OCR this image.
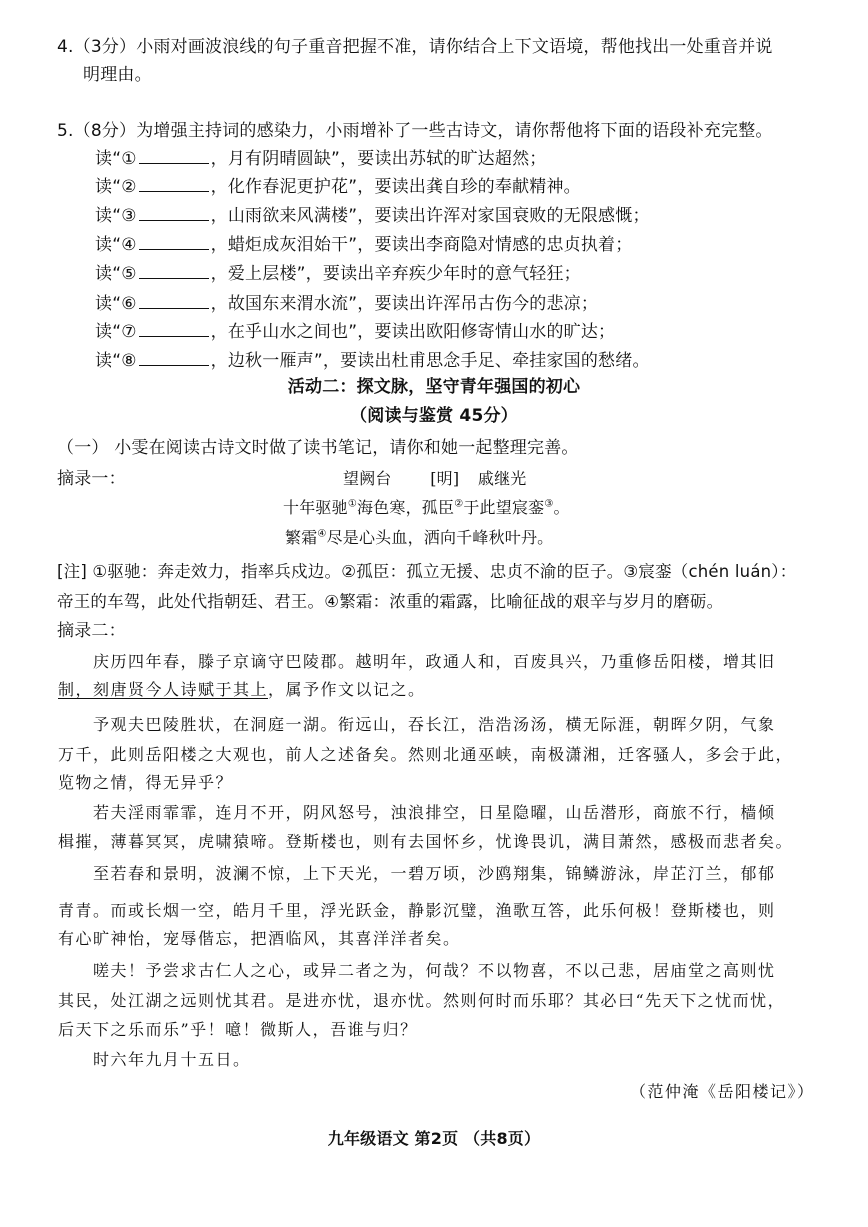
4.（3分）小雨对画波浪线的句子重音把握不准，请你结合上下文语境，帮他找出一处重音并说
明理由。
5.（8分）为增强主持词的感染力，小雨增补了一些古诗文，请你帮他将下面的语段补充完整。
读“①	，月有阴晴圆缺”，要读出苏轼的旷达超然；
读“②	，化作春泥更护花”，要读出龚自珍的奉献精神。
读“③	，山雨欲来风满楼”，要读出许浑对家国衰败的无限感慨；
读“④	，蜡炬成灰泪始干”，要读出李商隐对情感的忠贞执着；
读“⑤	，爱上层楼”，要读出辛弃疾少年时的意气轻狂；
读“⑥	，故国东来渭水流”，要读出许浑吊古伤今的悲凉；
读“⑦	，在乎山水之间也”，要读出欧阳修寄情山水的旷达；
读“⑧	，边秋一雁声”，要读出杜甫思念手足、牵挂家国的愁绪。
活动二：探文脉，坚守青年强国的初心
（阅读与鉴赏 45分）
（一） 小雯在阅读古诗文时做了读书笔记，请你和她一起整理完善。
摘录一：	望阙台 [明] 戚继光
十年驱驰①海色寒，孤臣②于此望宸銮③。
繁霜④尽是心头血，洒向千峰秋叶丹。
[注] ①驱驰：奔走效力，指率兵戍边。②孤臣：孤立无援、忠贞不渝的臣子。③宸銮（chén luán）：
帝王的车驾，此处代指朝廷、君王。④繁霜：浓重的霜露，比喻征战的艰辛与岁月的磨砺。
摘录二：
庆历四年春，滕子京谪守巴陵郡。越明年，政通人和，百废具兴，乃重修岳阳楼，增其旧
制，刻唐贤今人诗赋于其上，属予作文以记之。
予观夫巴陵胜状，在洞庭一湖。衔远山，吞长江，浩浩汤汤，横无际涯，朝晖夕阴，气象
万千，此则岳阳楼之大观也，前人之述备矣。然则北通巫峡，南极潇湘，迁客骚人，多会于此，
览物之情，得无异乎？
若夫淫雨霏霏，连月不开，阴风怒号，浊浪排空，日星隐曜，山岳潜形，商旅不行，樯倾
楫摧，薄暮冥冥，虎啸猿啼。登斯楼也，则有去国怀乡，忧谗畏讥，满目萧然，感极而悲者矣。
至若春和景明，波澜不惊，上下天光，一碧万顷，沙鸥翔集，锦鳞游泳，岸芷汀兰，郁郁
青青。而或长烟一空，皓月千里，浮光跃金，静影沉璧，渔歌互答，此乐何极！登斯楼也，则
有心旷神怡，宠辱偕忘，把酒临风，其喜洋洋者矣。
嗟夫！予尝求古仁人之心，或异二者之为，何哉？不以物喜，不以己悲，居庙堂之高则忧
其民，处江湖之远则忧其君。是进亦忧，退亦忧。然则何时而乐耶？其必曰“先天下之忧而忧，
后天下之乐而乐”乎！噫！微斯人，吾谁与归？
时六年九月十五日。
（范仲淹《岳阳楼记》）
九年级语文 第2页 （共8页）
